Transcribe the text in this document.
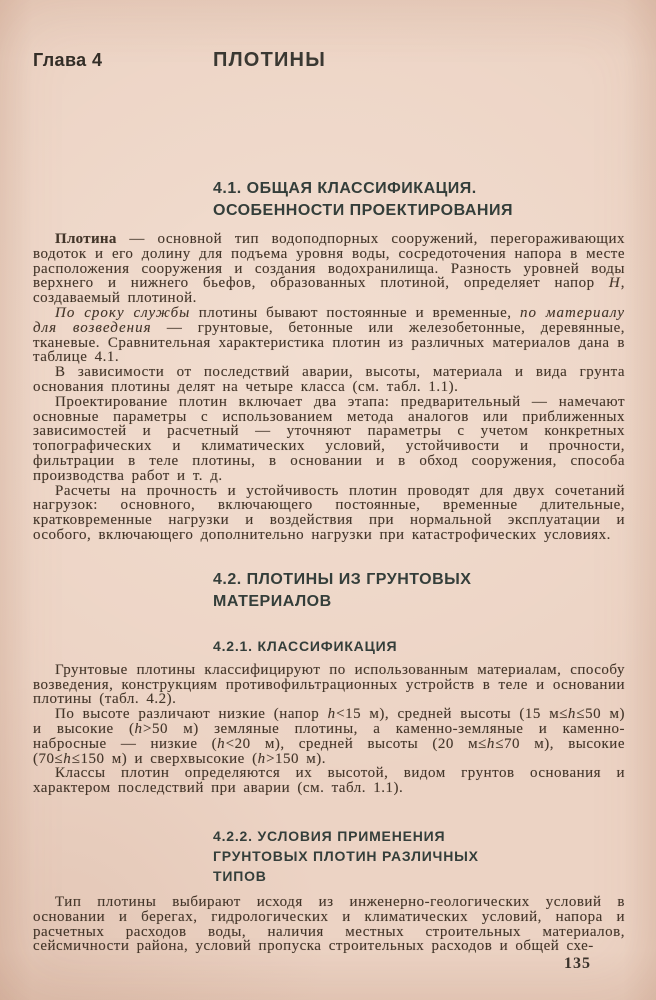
Глава 4	ПЛОТИНЫ
4.1. ОБЩАЯ КЛАССИФИКАЦИЯ.
ОСОБЕННОСТИ ПРОЕКТИРОВАНИЯ

Плотина — основной тип водоподпорных сооружений, перегораживающих водоток и его долину для подъема уровня воды, сосредоточения напора в месте расположения сооружения и создания водохранилища. Разность уровней воды верхнего и нижнего бьефов, образованных плотиной, определяет напор H, создаваемый плотиной.

По сроку службы плотины бывают постоянные и временные, по материалу для возведения — грунтовые, бетонные или железобетонные, деревянные, тканевые. Сравнительная характеристика плотин из различных материалов дана в таблице 4.1.

В зависимости от последствий аварии, высоты, материала и вида грунта основания плотины делят на четыре класса (см. табл. 1.1).

Проектирование плотин включает два этапа: предварительный — намечают основные параметры с использованием метода аналогов или приближенных зависимостей и расчетный — уточняют параметры с учетом конкретных топографических и климатических условий, устойчивости и прочности, фильтрации в теле плотины, в основании и в обход сооружения, способа производства работ и т. д.

Расчеты на прочность и устойчивость плотин проводят для двух сочетаний нагрузок: основного, включающего постоянные, временные длительные, кратковременные нагрузки и воздействия при нормальной эксплуатации и особого, включающего дополнительно нагрузки при катастрофических условиях.

4.2. ПЛОТИНЫ ИЗ ГРУНТОВЫХ
МАТЕРИАЛОВ
4.2.1. КЛАССИФИКАЦИЯ

Грунтовые плотины классифицируют по использованным материалам, способу возведения, конструкциям противофильтрационных устройств в теле и основании плотины (табл. 4.2).

По высоте различают низкие (напор h<15 м), средней высоты (15 м≤h≤50 м) и высокие (h>50 м) земляные плотины, а каменно-земляные и каменно-набросные — низкие (h<20 м), средней высоты (20 м≤h≤70 м), высокие (70≤h≤150 м) и сверхвысокие (h>150 м).

Классы плотин определяются их высотой, видом грунтов основания и характером последствий при аварии (см. табл. 1.1).

4.2.2. УСЛОВИЯ ПРИМЕНЕНИЯ
ГРУНТОВЫХ ПЛОТИН РАЗЛИЧНЫХ
ТИПОВ

Тип плотины выбирают исходя из инженерно-геологических условий в основании и берегах, гидрологических и климатических условий, напора и расчетных расходов воды, наличия местных строительных материалов, сейсмичности района, условий пропуска строительных расходов и общей схе-

135
